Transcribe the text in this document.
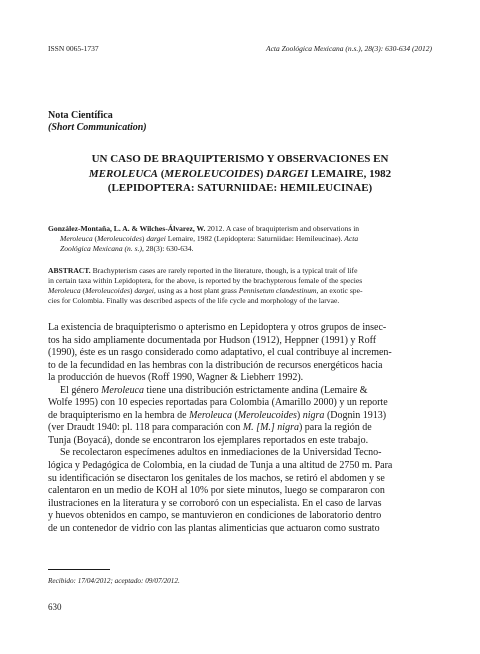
ISSN 0065-1737	Acta Zoológica Mexicana (n.s.), 28(3): 630-634 (2012)
Nota Científica
(Short Communication)
UN CASO DE BRAQUIPTERISMO Y OBSERVACIONES EN
MEROLEUCA (MEROLEUCOIDES) DARGEI LEMAIRE, 1982
(LEPIDOPTERA: SATURNIIDAE: HEMILEUCINAE)
González-Montaña, L. A. & Wilches-Álvarez, W. 2012. A case of braquipterism and observations in
Meroleuca (Meroleucoides) dargei Lemaire, 1982 (Lepidoptera: Saturniidae: Hemileucinae). Acta
Zoológica Mexicana (n. s.), 28(3): 630-634.
ABSTRACT. Brachypterism cases are rarely reported in the literature, though, is a typical trait of life
in certain taxa within Lepidoptera, for the above, is reported by the brachypterous female of the species
Meroleuca (Meroleucoides) dargei, using as a host plant grass Pennisetum clandestinum, an exotic spe-
cies for Colombia. Finally was described aspects of the life cycle and morphology of the larvae.
La existencia de braquipterismo o apterismo en Lepidoptera y otros grupos de insec-
tos ha sido ampliamente documentada por Hudson (1912), Heppner (1991) y Roff
(1990), éste es un rasgo considerado como adaptativo, el cual contribuye al incremen-
to de la fecundidad en las hembras con la distribución de recursos energéticos hacia
la producción de huevos (Roff 1990, Wagner & Liebherr 1992).
El género Meroleuca tiene una distribución estrictamente andina (Lemaire &
Wolfe 1995) con 10 especies reportadas para Colombia (Amarillo 2000) y un reporte
de braquipterismo en la hembra de Meroleuca (Meroleucoides) nigra (Dognin 1913)
(ver Draudt 1940: pl. 118 para comparación con M. [M.] nigra) para la región de
Tunja (Boyacá), donde se encontraron los ejemplares reportados en este trabajo.
Se recolectaron especímenes adultos en inmediaciones de la Universidad Tecno-
lógica y Pedagógica de Colombia, en la ciudad de Tunja a una altitud de 2750 m. Para
su identificación se disectaron los genitales de los machos, se retiró el abdomen y se
calentaron en un medio de KOH al 10% por siete minutos, luego se compararon con
ilustraciones en la literatura y se corroboró con un especialista. En el caso de larvas
y huevos obtenidos en campo, se mantuvieron en condiciones de laboratorio dentro
de un contenedor de vidrio con las plantas alimenticias que actuaron como sustrato
Recibido: 17/04/2012; aceptado: 09/07/2012.
630
